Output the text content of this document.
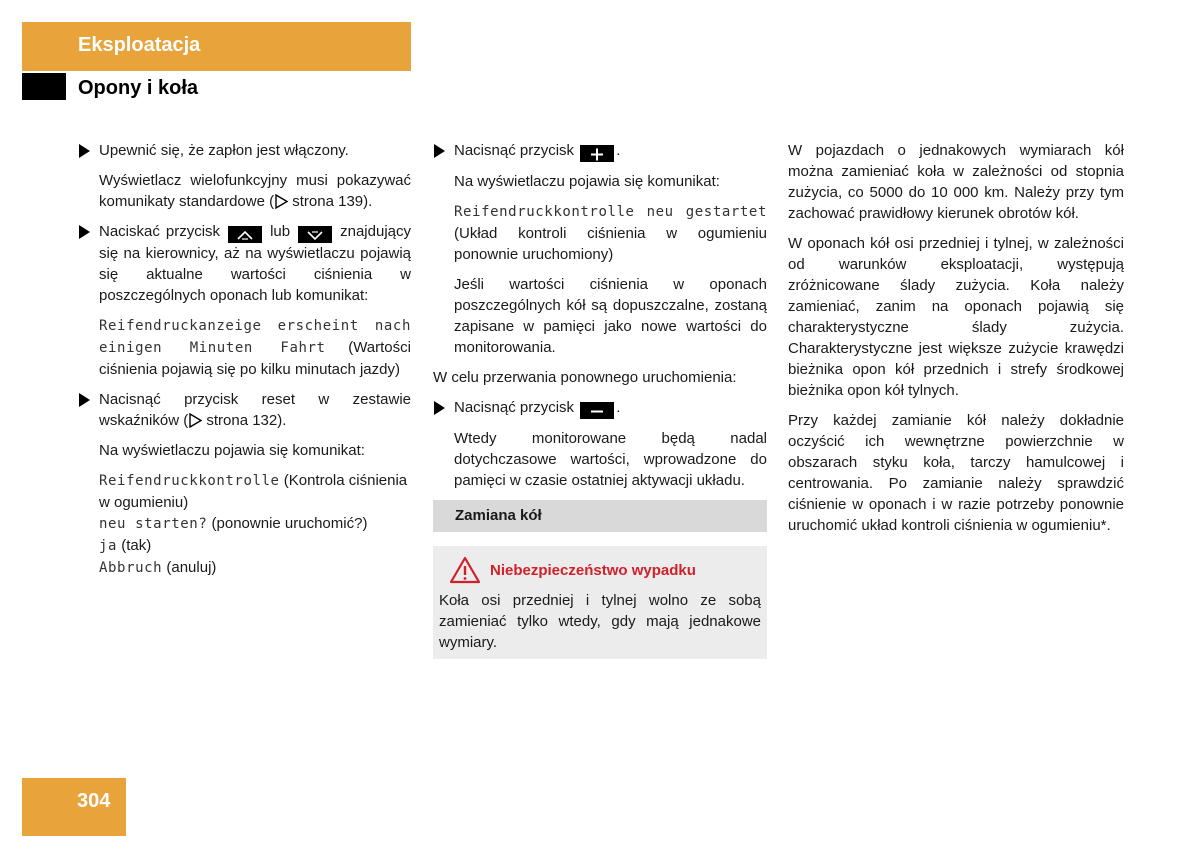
Eksploatacja
Opony i koła
Upewnić się, że zapłon jest włączony.
Wyświetlacz wielofunkcyjny musi pokazywać komunikaty standardowe (
strona 139).
Naciskać przycisk	lub	znajdujący się na kierownicy, aż na wyświetlaczu pojawią się aktualne wartości ciśnienia w poszczególnych oponach lub komunikat:
Reifendruckanzeige erscheint nach einigen Minuten Fahrt (Wartości ciśnienia pojawią się po kilku minutach jazdy)
Nacisnąć przycisk reset w zestawie wskaźników (
strona 132).
Na wyświetlaczu pojawia się komunikat:
Reifendruckkontrolle (Kontrola ciśnienia w ogumieniu)
neu starten? (ponownie uruchomić?)
ja (tak)
Abbruch (anuluj)
Nacisnąć przycisk	.
Na wyświetlaczu pojawia się komunikat:
Reifendruckkontrolle neu gestartet (Układ kontroli ciśnienia w ogumieniu ponownie uruchomiony)
Jeśli wartości ciśnienia w oponach poszczególnych kół są dopuszczalne, zostaną zapisane w pamięci jako nowe wartości do monitorowania.
W celu przerwania ponownego uruchomienia:
Nacisnąć przycisk	.
Wtedy monitorowane będą nadal dotychczasowe wartości, wprowadzone do pamięci w czasie ostatniej aktywacji układu.
Zamiana kół
Niebezpieczeństwo wypadku
Koła osi przedniej i tylnej wolno ze sobą zamieniać tylko wtedy, gdy mają jednakowe wymiary.
W pojazdach o jednakowych wymiarach kół można zamieniać koła w zależności od stopnia zużycia, co 5000 do 10 000 km. Należy przy tym zachować prawidłowy kierunek obrotów kół.
W oponach kół osi przedniej i tylnej, w zależności od warunków eksploatacji, występują zróżnicowane ślady zużycia. Koła należy zamieniać, zanim na oponach pojawią się charakterystyczne ślady zużycia. Charakterystyczne jest większe zużycie krawędzi bieżnika opon kół przednich i strefy środkowej bieżnika opon kół tylnych.
Przy każdej zamianie kół należy dokładnie oczyścić ich wewnętrzne powierzchnie w obszarach styku koła, tarczy hamulcowej i centrowania. Po zamianie należy sprawdzić ciśnienie w oponach i w razie potrzeby ponownie uruchomić układ kontroli ciśnienia w ogumieniu*.
304
